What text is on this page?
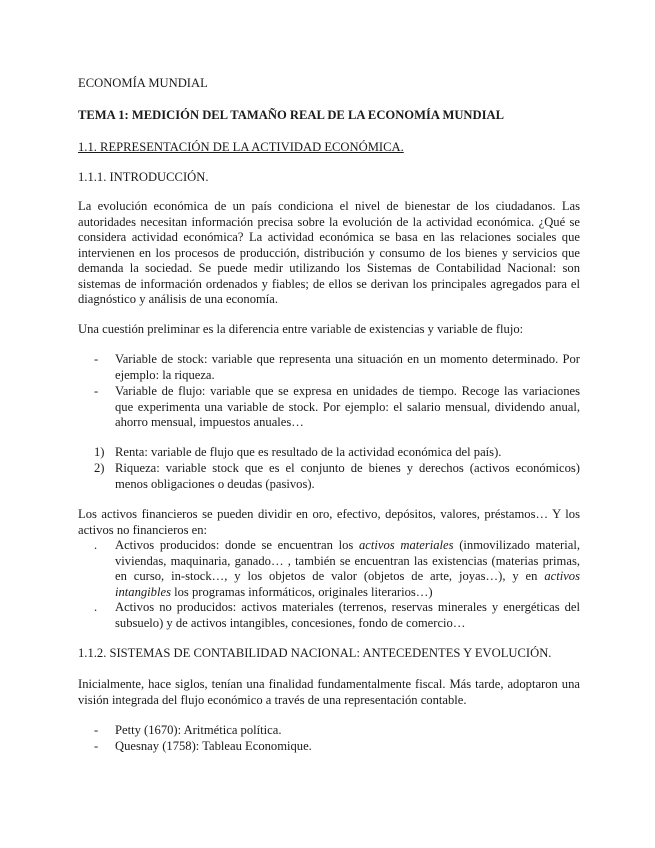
ECONOMÍA MUNDIAL
TEMA 1: MEDICIÓN DEL TAMAÑO REAL DE LA ECONOMÍA MUNDIAL
1.1. REPRESENTACIÓN DE LA ACTIVIDAD ECONÓMICA.
1.1.1. INTRODUCCIÓN.

La evolución económica de un país condiciona el nivel de bienestar de los ciudadanos. Las autoridades necesitan información precisa sobre la evolución de la actividad económica. ¿Qué se considera actividad económica? La actividad económica se basa en las relaciones sociales que intervienen en los procesos de producción, distribución y consumo de los bienes y servicios que demanda la sociedad. Se puede medir utilizando los Sistemas de Contabilidad Nacional: son sistemas de información ordenados y fiables; de ellos se derivan los principales agregados para el diagnóstico y análisis de una economía.

Una cuestión preliminar es la diferencia entre variable de existencias y variable de flujo:
-	Variable de stock: variable que representa una situación en un momento determinado. Por ejemplo: la riqueza.
-	Variable de flujo: variable que se expresa en unidades de tiempo. Recoge las variaciones que experimenta una variable de stock. Por ejemplo: el salario mensual, dividendo anual, ahorro mensual, impuestos anuales…
1) Renta: variable de flujo que es resultado de la actividad económica del país).
2) Riqueza: variable stock que es el conjunto de bienes y derechos (activos económicos) menos obligaciones o deudas (pasivos).

Los activos financieros se pueden dividir en oro, efectivo, depósitos, valores, préstamos… Y los activos no financieros en:

.	Activos producidos: donde se encuentran los activos materiales (inmovilizado material, viviendas, maquinaria, ganado… , también se encuentran las existencias (materias primas, en curso, in-stock…, y los objetos de valor (objetos de arte, joyas…), y en activos intangibles los programas informáticos, originales literarios…)
.	Activos no producidos: activos materiales (terrenos, reservas minerales y energéticas del subsuelo) y de activos intangibles, concesiones, fondo de comercio…
1.1.2. SISTEMAS DE CONTABILIDAD NACIONAL: ANTECEDENTES Y EVOLUCIÓN.

Inicialmente, hace siglos, tenían una finalidad fundamentalmente fiscal. Más tarde, adoptaron una visión integrada del flujo económico a través de una representación contable.

-	Petty (1670): Aritmética política.
-	Quesnay (1758): Tableau Economique.
